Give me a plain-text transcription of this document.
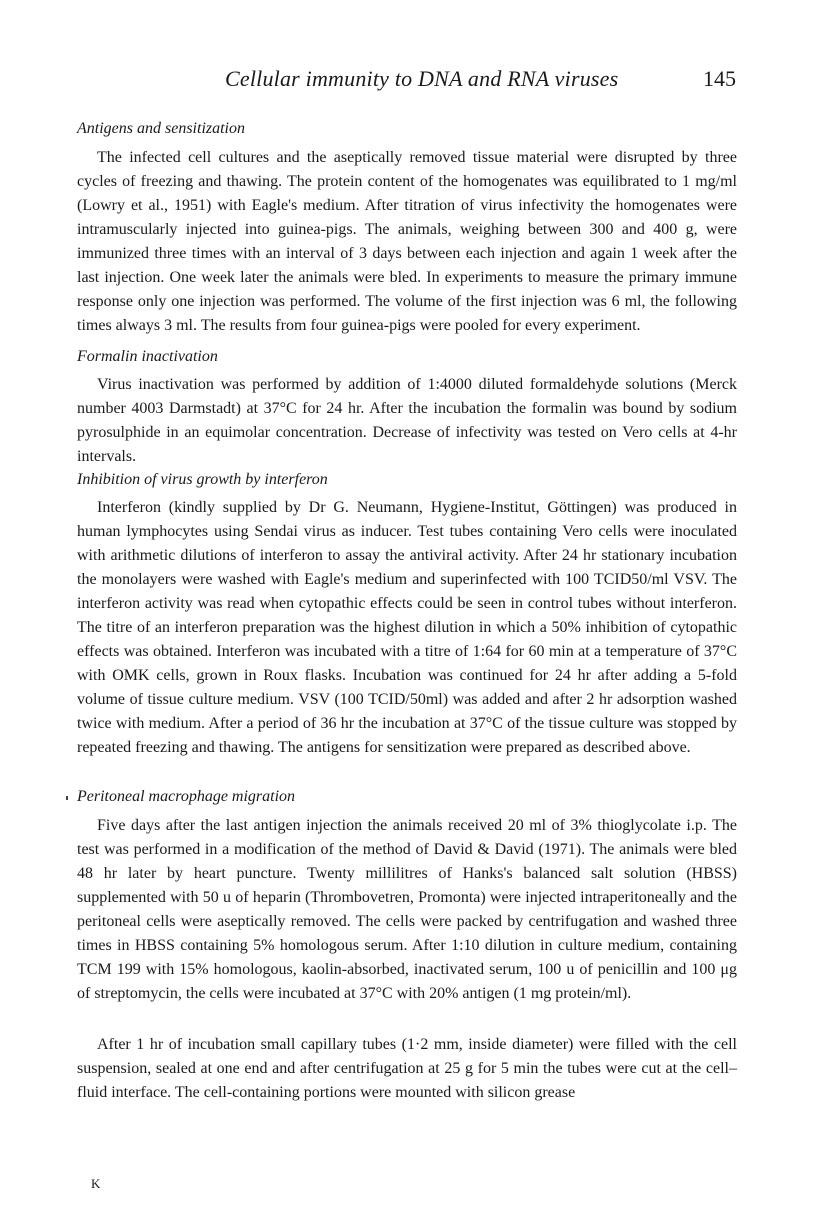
Cellular immunity to DNA and RNA viruses	145
Antigens and sensitization
The infected cell cultures and the aseptically removed tissue material were disrupted by three cycles of freezing and thawing. The protein content of the homogenates was equilibrated to 1 mg/ml (Lowry et al., 1951) with Eagle's medium. After titration of virus infectivity the homogenates were intramuscularly injected into guinea-pigs. The animals, weighing between 300 and 400 g, were immunized three times with an interval of 3 days between each injection and again 1 week after the last injection. One week later the animals were bled. In experiments to measure the primary immune response only one injection was performed. The volume of the first injection was 6 ml, the following times always 3 ml. The results from four guinea-pigs were pooled for every experiment.
Formalin inactivation
Virus inactivation was performed by addition of 1:4000 diluted formaldehyde solutions (Merck number 4003 Darmstadt) at 37°C for 24 hr. After the incubation the formalin was bound by sodium pyrosulphide in an equimolar concentration. Decrease of infectivity was tested on Vero cells at 4-hr intervals.
Inhibition of virus growth by interferon
Interferon (kindly supplied by Dr G. Neumann, Hygiene-Institut, Göttingen) was produced in human lymphocytes using Sendai virus as inducer. Test tubes containing Vero cells were inoculated with arithmetic dilutions of interferon to assay the antiviral activity. After 24 hr stationary incubation the monolayers were washed with Eagle's medium and superinfected with 100 TCID50/ml VSV. The interferon activity was read when cytopathic effects could be seen in control tubes without interferon. The titre of an interferon preparation was the highest dilution in which a 50% inhibition of cytopathic effects was obtained. Interferon was incubated with a titre of 1:64 for 60 min at a temperature of 37°C with OMK cells, grown in Roux flasks. Incubation was continued for 24 hr after adding a 5-fold volume of tissue culture medium. VSV (100 TCID/50ml) was added and after 2 hr adsorption washed twice with medium. After a period of 36 hr the incubation at 37°C of the tissue culture was stopped by repeated freezing and thawing. The antigens for sensitization were prepared as described above.
Peritoneal macrophage migration
Five days after the last antigen injection the animals received 20 ml of 3% thioglycolate i.p. The test was performed in a modification of the method of David & David (1971). The animals were bled 48 hr later by heart puncture. Twenty millilitres of Hanks's balanced salt solution (HBSS) supplemented with 50 u of heparin (Thrombovetren, Promonta) were injected intraperitoneally and the peritoneal cells were aseptically removed. The cells were packed by centrifugation and washed three times in HBSS containing 5% homologous serum. After 1:10 dilution in culture medium, containing TCM 199 with 15% homologous, kaolin-absorbed, inactivated serum, 100 u of penicillin and 100 μg of streptomycin, the cells were incubated at 37°C with 20% antigen (1 mg protein/ml).
After 1 hr of incubation small capillary tubes (1·2 mm, inside diameter) were filled with the cell suspension, sealed at one end and after centrifugation at 25 g for 5 min the tubes were cut at the cell–fluid interface. The cell-containing portions were mounted with silicon grease
K
